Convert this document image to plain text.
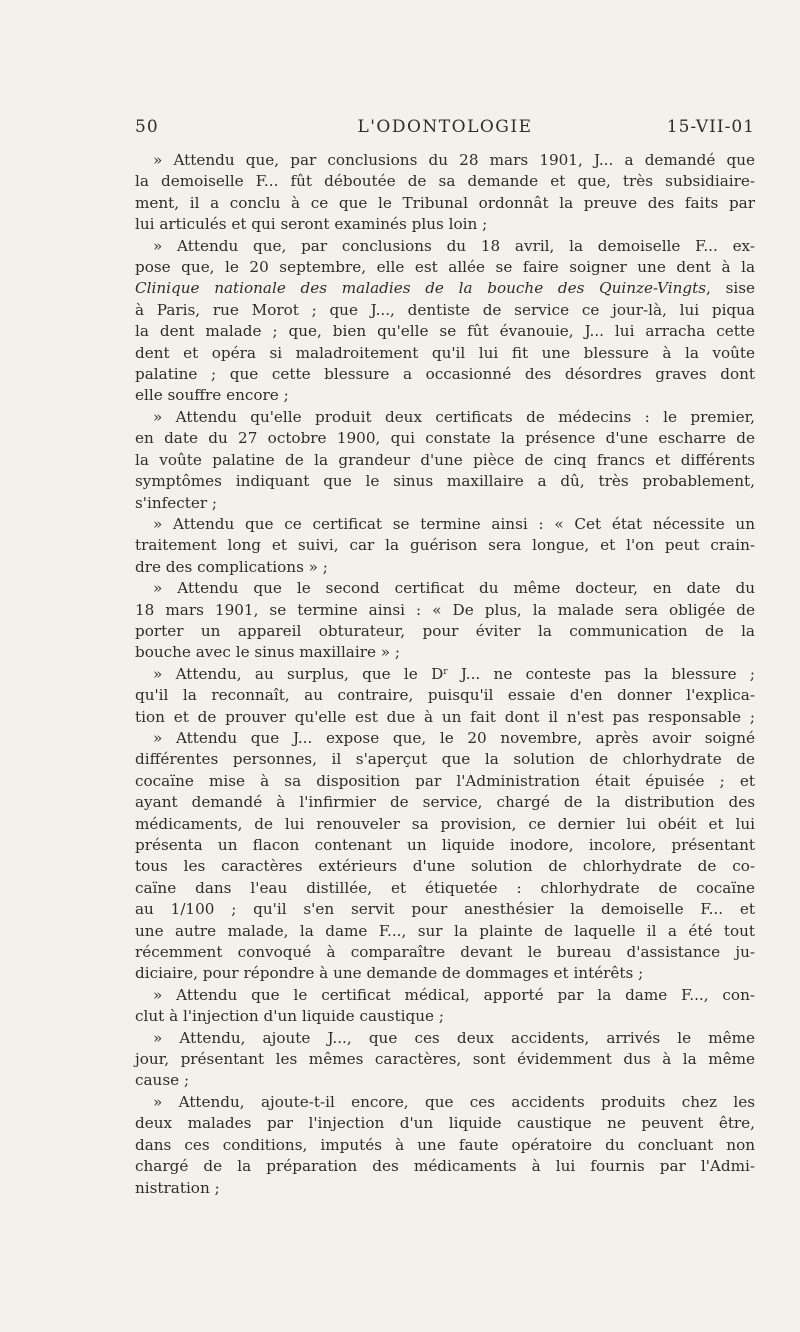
50	L'ODONTOLOGIE	15-VII-01
» Attendu que, par conclusions du 28 mars 1901, J... a demandé que
la demoiselle F... fût déboutée de sa demande et que, très subsidiaire-
ment, il a conclu à ce que le Tribunal ordonnât la preuve des faits par
lui articulés et qui seront examinés plus loin ;
» Attendu que, par conclusions du 18 avril, la demoiselle F... ex-
pose que, le 20 septembre, elle est allée se faire soigner une dent à la
Clinique nationale des maladies de la bouche des Quinze-Vingts, sise
à Paris, rue Morot ; que J..., dentiste de service ce jour-là, lui piqua
la dent malade ; que, bien qu'elle se fût évanouie, J... lui arracha cette
dent et opéra si maladroitement qu'il lui fit une blessure à la voûte
palatine ; que cette blessure a occasionné des désordres graves dont
elle souffre encore ;
» Attendu qu'elle produit deux certificats de médecins : le premier,
en date du 27 octobre 1900, qui constate la présence d'une escharre de
la voûte palatine de la grandeur d'une pièce de cinq francs et différents
symptômes indiquant que le sinus maxillaire a dû, très probablement,
s'infecter ;
» Attendu que ce certificat se termine ainsi : « Cet état nécessite un
traitement long et suivi, car la guérison sera longue, et l'on peut crain-
dre des complications » ;
» Attendu que le second certificat du même docteur, en date du
18 mars 1901, se termine ainsi : « De plus, la malade sera obligée de
porter un appareil obturateur, pour éviter la communication de la
bouche avec le sinus maxillaire » ;
» Attendu, au surplus, que le $D^r$ J... ne conteste pas la blessure ;
qu'il la reconnaît, au contraire, puisqu'il essaie d'en donner l'explica-
tion et de prouver qu'elle est due à un fait dont il n'est pas responsable ;
» Attendu que J... expose que, le 20 novembre, après avoir soigné
différentes personnes, il s'aperçut que la solution de chlorhydrate de
cocaïne mise à sa disposition par l'Administration était épuisée ; et
ayant demandé à l'infirmier de service, chargé de la distribution des
médicaments, de lui renouveler sa provision, ce dernier lui obéit et lui
présenta un flacon contenant un liquide inodore, incolore, présentant
tous les caractères extérieurs d'une solution de chlorhydrate de co-
caïne dans l'eau distillée, et étiquetée : chlorhydrate de cocaïne
au 1/100 ; qu'il s'en servit pour anesthésier la demoiselle F... et
une autre malade, la dame F..., sur la plainte de laquelle il a été tout
récemment convoqué à comparaître devant le bureau d'assistance ju-
diciaire, pour répondre à une demande de dommages et intérêts ;
» Attendu que le certificat médical, apporté par la dame F..., con-
clut à l'injection d'un liquide caustique ;
» Attendu, ajoute J..., que ces deux accidents, arrivés le même
jour, présentant les mêmes caractères, sont évidemment dus à la même
cause ;
» Attendu, ajoute-t-il encore, que ces accidents produits chez les
deux malades par l'injection d'un liquide caustique ne peuvent être,
dans ces conditions, imputés à une faute opératoire du concluant non
chargé de la préparation des médicaments à lui fournis par l'Admi-
nistration ;
